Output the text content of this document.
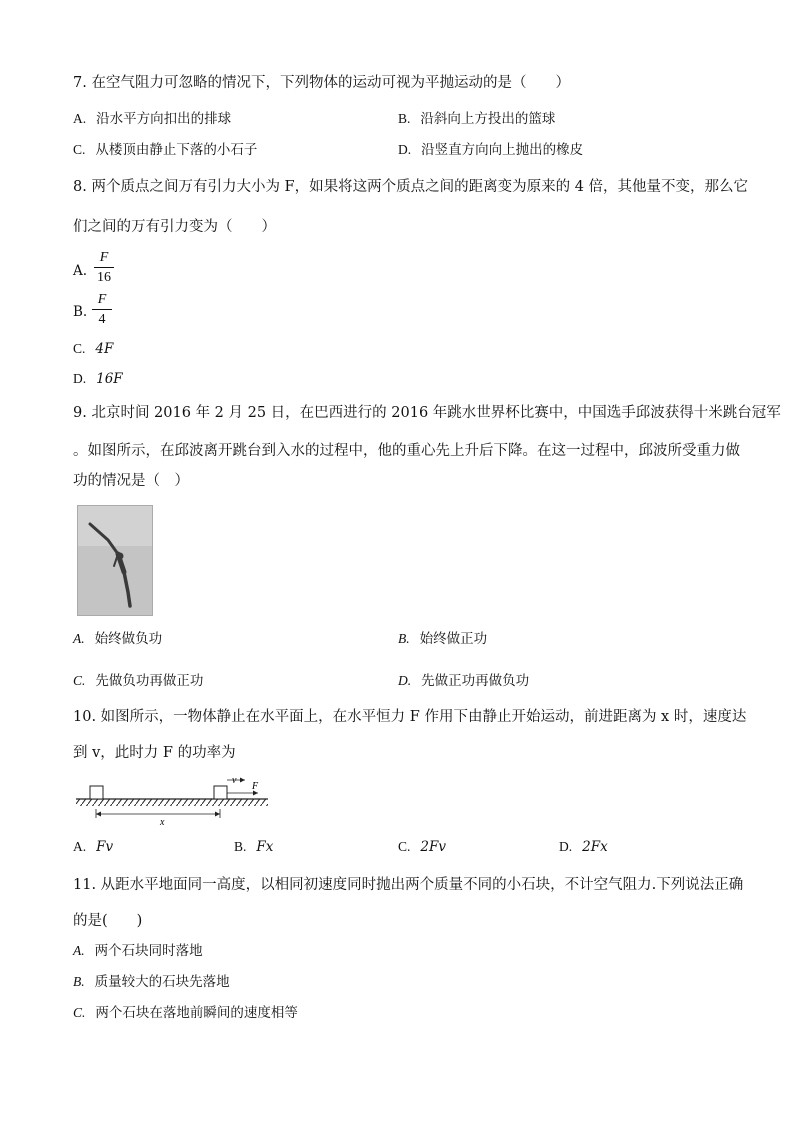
7. 在空气阻力可忽略的情况下，下列物体的运动可视为平抛运动的是（　　）
A. 沿水平方向扣出的排球	B. 沿斜向上方投出的篮球
C. 从楼顶由静止下落的小石子	D. 沿竖直方向向上抛出的橡皮
8. 两个质点之间万有引力大小为 F，如果将这两个质点之间的距离变为原来的 4 倍，其他量不变，那么它
们之间的万有引力变为（　　）
A.
F
16
B.
F
4
C. 4F
D. 16F
9. 北京时间 2016 年 2 月 25 日，在巴西进行的 2016 年跳水世界杯比赛中，中国选手邱波获得十米跳台冠军
。如图所示，在邱波离开跳台到入水的过程中，他的重心先上升后下降。在这一过程中，邱波所受重力做
功的情况是（　）
A. 始终做负功	B. 始终做正功
C. 先做负功再做正功	D. 先做正功再做负功
10. 如图所示，一物体静止在水平面上，在水平恒力 F 作用下由静止开始运动，前进距离为 x 时，速度达
到 v，此时力 F 的功率为
v
F
x
A. Fv	B. Fx	C. 2Fv	D. 2Fx
11. 从距水平地面同一高度，以相同初速度同时抛出两个质量不同的小石块，不计空气阻力.下列说法正确
的是(　　)
A. 两个石块同时落地
B. 质量较大的石块先落地
C. 两个石块在落地前瞬间的速度相等
